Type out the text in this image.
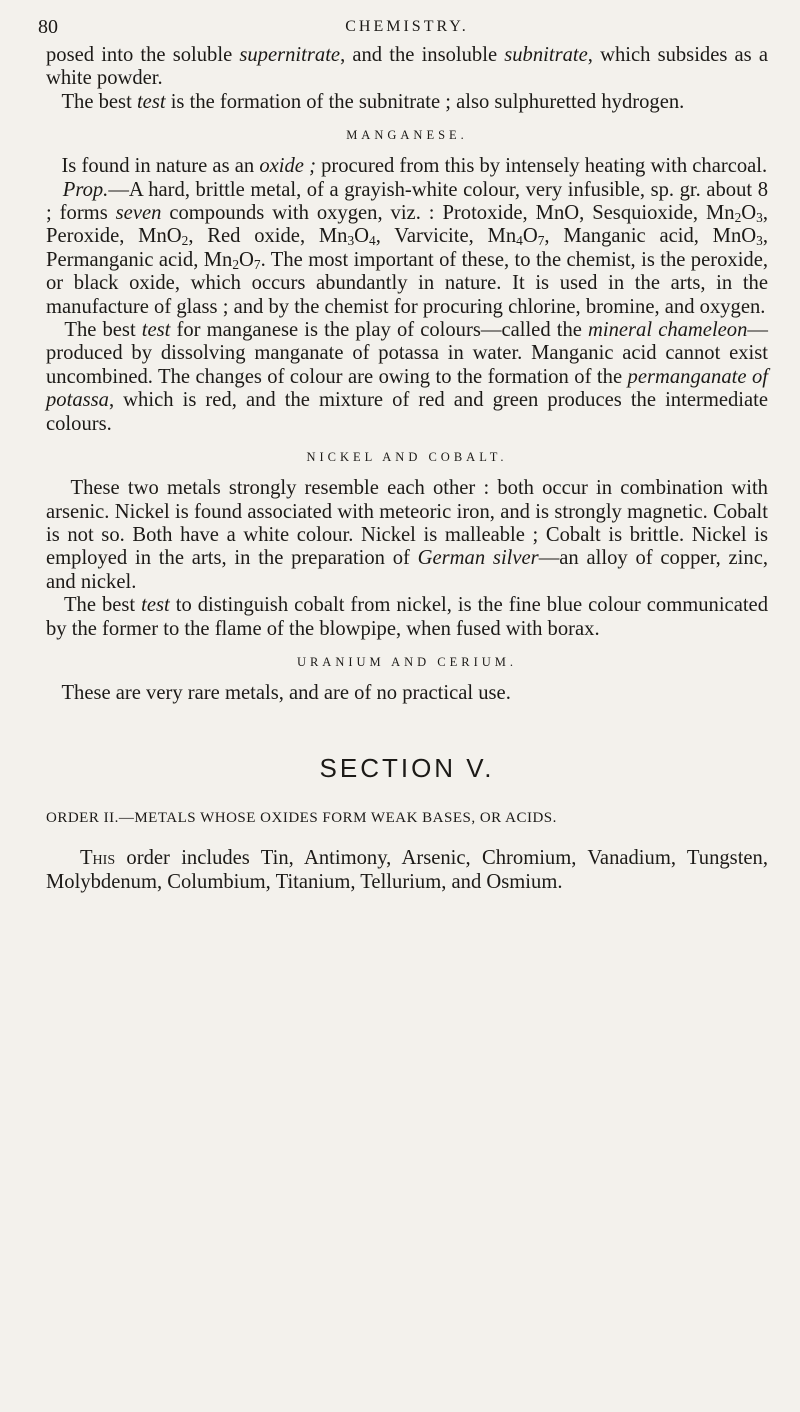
80	CHEMISTRY.

posed into the soluble supernitrate, and the insoluble subnitrate, which subsides as a white powder.

The best test is the formation of the subnitrate ; also sulphuretted hydrogen.

MANGANESE.

Is found in nature as an oxide ; procured from this by intensely heating with charcoal.

Prop.—A hard, brittle metal, of a grayish-white colour, very infusible, sp. gr. about 8 ; forms seven compounds with oxygen, viz. : Protoxide, MnO, Sesquioxide, $Mn_2O_3$, Peroxide, MnO$_2$, Red oxide, $Mn_3O_4$, Varvicite, $Mn_4O_7$, Manganic acid, MnO$_3$, Permanganic acid, $Mn_2O_7$. The most important of these, to the chemist, is the peroxide, or black oxide, which occurs abundantly in nature. It is used in the arts, in the manufacture of glass ; and by the chemist for procuring chlorine, bromine, and oxygen.

The best test for manganese is the play of colours—called the mineral chameleon—produced by dissolving manganate of potassa in water. Manganic acid cannot exist uncombined. The changes of colour are owing to the formation of the permanganate of potassa, which is red, and the mixture of red and green produces the intermediate colours.

NICKEL AND COBALT.

These two metals strongly resemble each other : both occur in combination with arsenic. Nickel is found associated with meteoric iron, and is strongly magnetic. Cobalt is not so. Both have a white colour. Nickel is malleable ; Cobalt is brittle. Nickel is employed in the arts, in the preparation of German silver—an alloy of copper, zinc, and nickel.

The best test to distinguish cobalt from nickel, is the fine blue colour communicated by the former to the flame of the blowpipe, when fused with borax.

URANIUM AND CERIUM.

These are very rare metals, and are of no practical use.

SECTION V.
ORDER II.—METALS WHOSE OXIDES FORM WEAK BASES, OR ACIDS.

This order includes Tin, Antimony, Arsenic, Chromium, Vanadium, Tungsten, Molybdenum, Columbium, Titanium, Tellurium, and Osmium.
